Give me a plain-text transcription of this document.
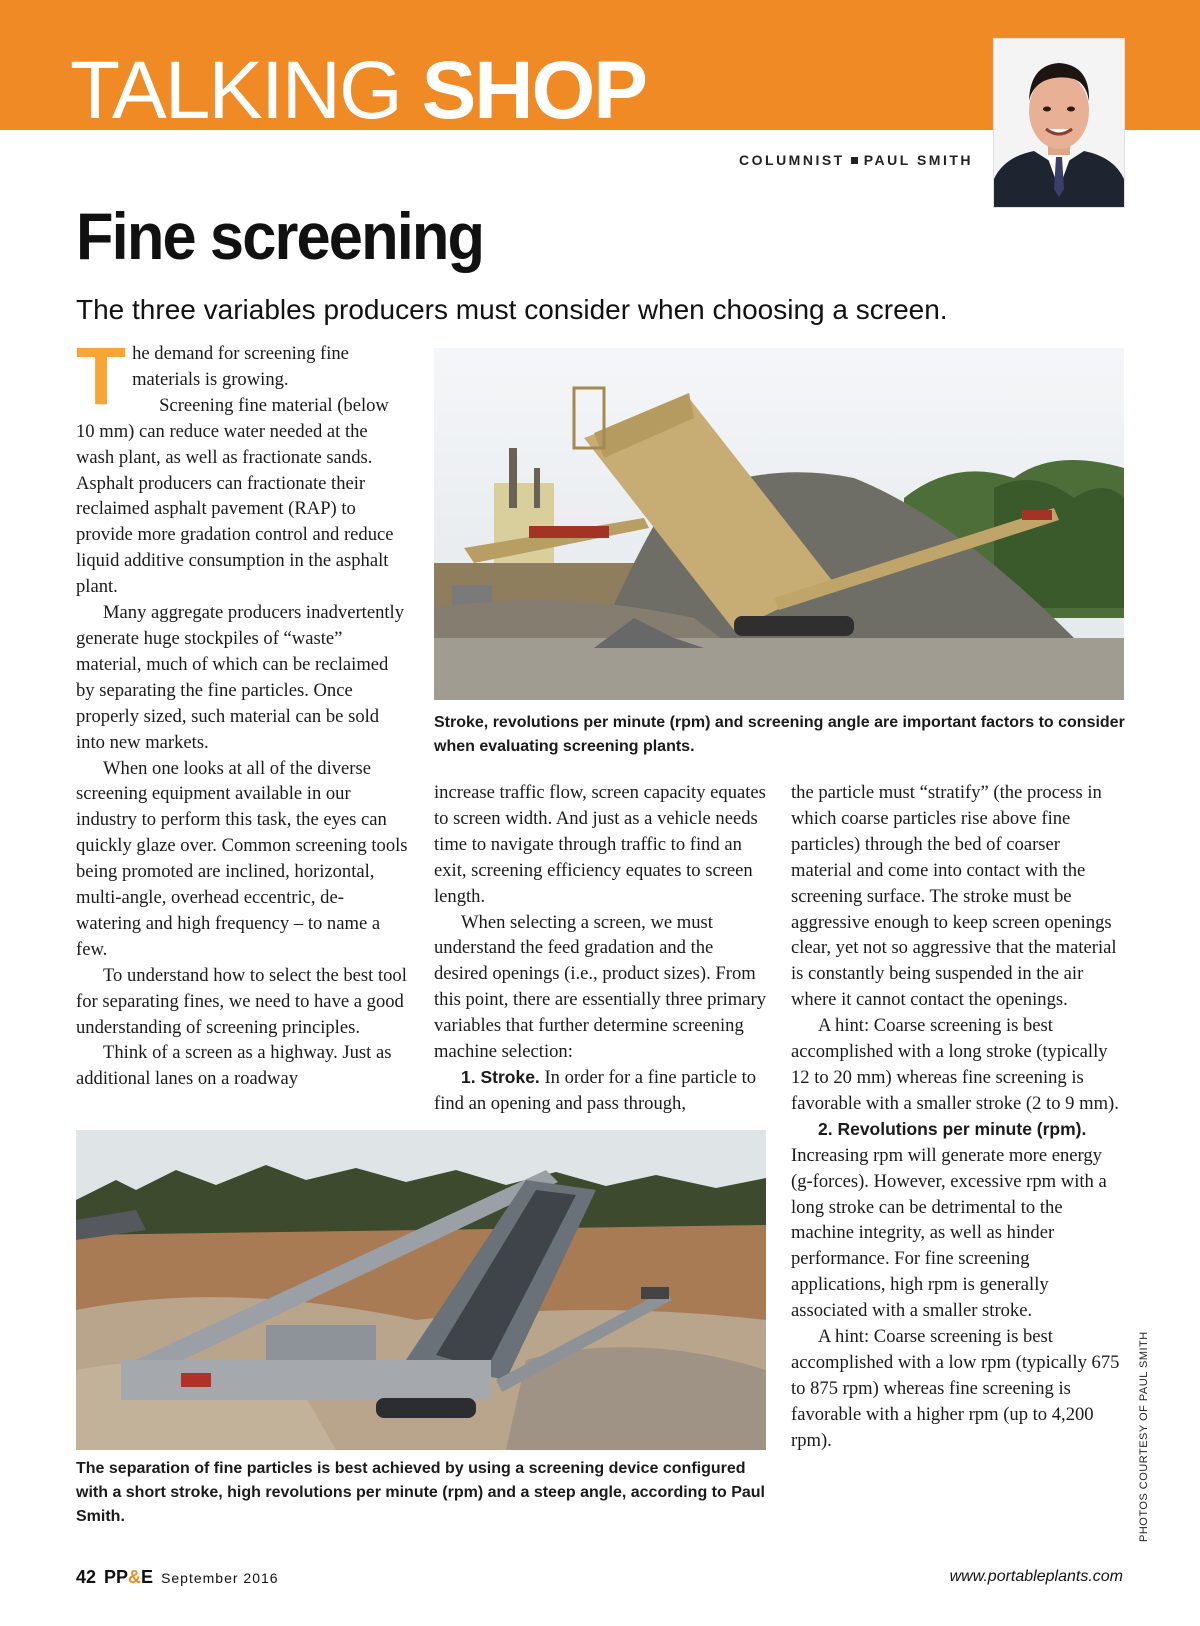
TALKING SHOP
COLUMNIST PAUL SMITH
Fine screening
The three variables producers must consider when choosing a screen.

The demand for screening fine materials is growing.

Screening fine material (below 10 mm) can reduce water needed at the wash plant, as well as fractionate sands. Asphalt producers can fractionate their reclaimed asphalt pavement (RAP) to provide more gradation control and reduce liquid additive consumption in the asphalt plant.

Many aggregate producers inadvertently generate huge stockpiles of “waste” material, much of which can be reclaimed by separating the fine particles. Once properly sized, such material can be sold into new markets.

When one looks at all of the diverse screening equipment available in our industry to perform this task, the eyes can quickly glaze over. Common screening tools being promoted are inclined, horizontal, multi-angle, overhead eccentric, de-watering and high frequency – to name a few.

To understand how to select the best tool for separating fines, we need to have a good understanding of screening principles.

Think of a screen as a highway. Just as additional lanes on a roadway

Stroke, revolutions per minute (rpm) and screening angle are important factors to consider when evaluating screening plants.

increase traffic flow, screen capacity equates to screen width. And just as a vehicle needs time to navigate through traffic to find an exit, screening efficiency equates to screen length.

When selecting a screen, we must understand the feed gradation and the desired openings (i.e., product sizes). From this point, there are essentially three primary variables that further determine screening machine selection:

1. Stroke. In order for a fine particle to find an opening and pass through,

the particle must “stratify” (the process in which coarse particles rise above fine particles) through the bed of coarser material and come into contact with the screening surface. The stroke must be aggressive enough to keep screen openings clear, yet not so aggressive that the material is constantly being suspended in the air where it cannot contact the openings.

A hint: Coarse screening is best accomplished with a long stroke (typically 12 to 20 mm) whereas fine screening is favorable with a smaller stroke (2 to 9 mm).

2. Revolutions per minute (rpm).

Increasing rpm will generate more energy (g-forces). However, excessive rpm with a long stroke can be detrimental to the machine integrity, as well as hinder performance. For fine screening applications, high rpm is generally associated with a smaller stroke.

A hint: Coarse screening is best accomplished with a low rpm (typically 675 to 875 rpm) whereas fine screening is favorable with a higher rpm (up to 4,200 rpm).

The separation of fine particles is best achieved by using a screening device configured with a short stroke, high revolutions per minute (rpm) and a steep angle, according to Paul Smith.	PHOTOS COURTESY OF PAUL SMITH
42 PP&E September 2016	www.portableplants.com
